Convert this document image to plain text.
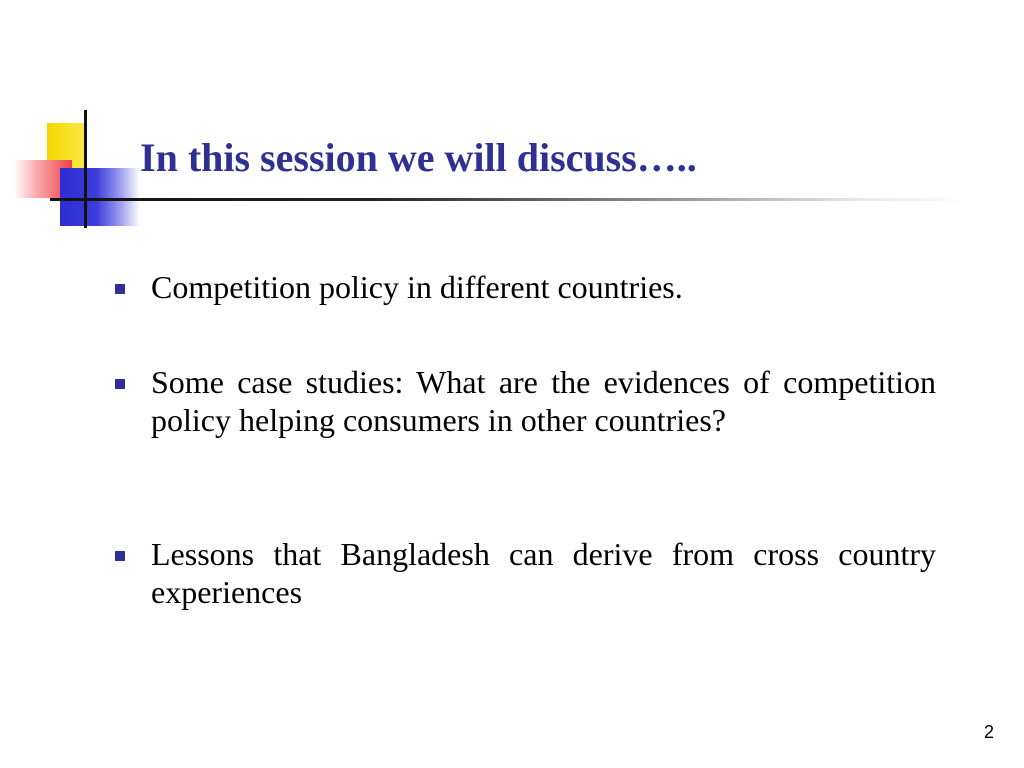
In this session we will discuss…..
Competition policy in different countries.
Some case studies: What are the evidences of competition policy helping consumers in other countries?
Lessons that Bangladesh can derive from cross country experiences
2
